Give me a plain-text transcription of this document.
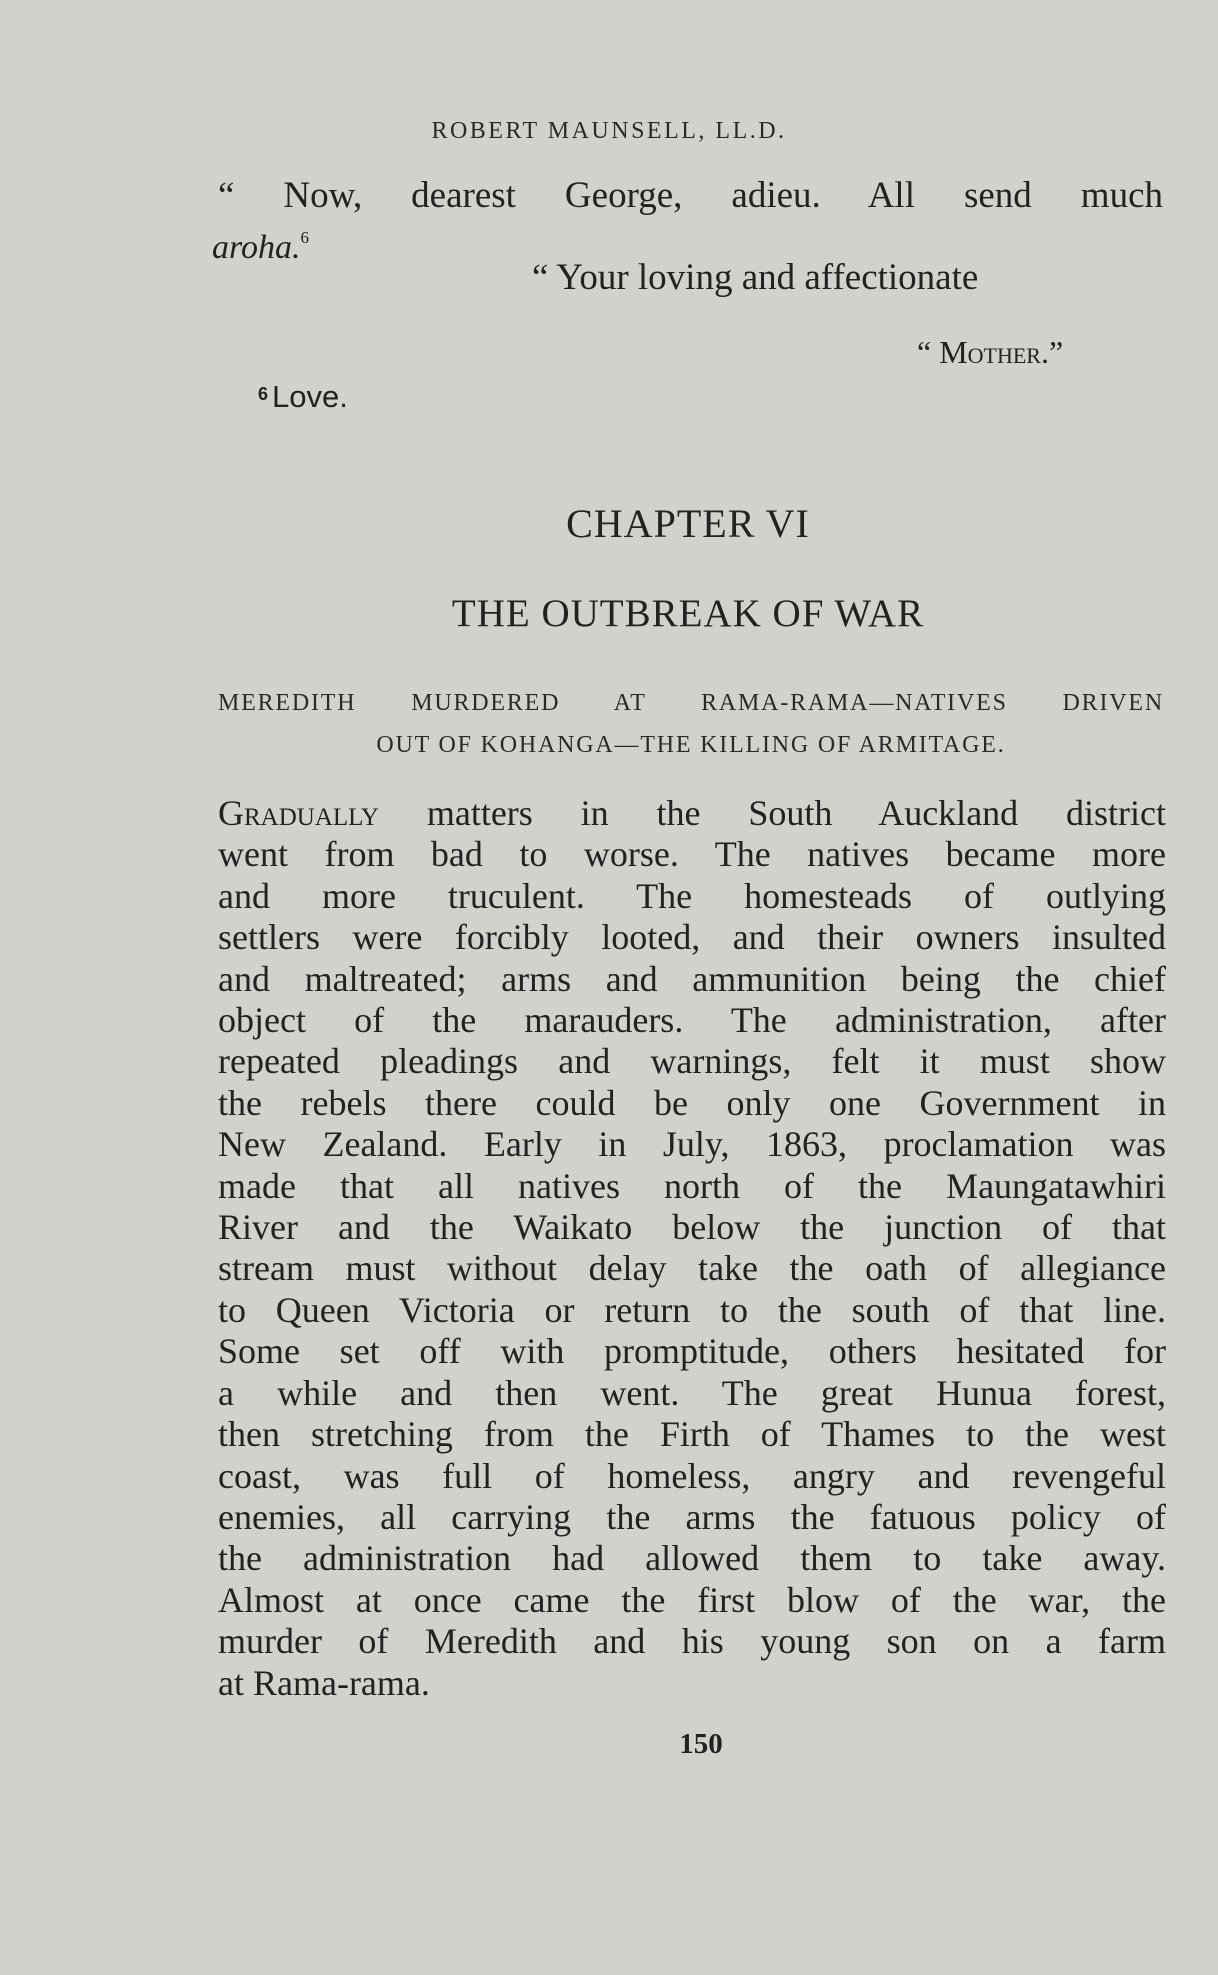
ROBERT MAUNSELL, LL.D.
“ Now, dearest George, adieu. All send much
aroha.$^6$
“ Your loving and affectionate
“ Mother.”
$^6$ Love.
CHAPTER VI
THE OUTBREAK OF WAR
MEREDITH MURDERED AT RAMA-RAMA—NATIVES DRIVEN
OUT OF KOHANGA—THE KILLING OF ARMITAGE.
Gradually matters in the South Auckland district
went from bad to worse. The natives became more
and more truculent. The homesteads of outlying
settlers were forcibly looted, and their owners insulted
and maltreated; arms and ammunition being the chief
object of the marauders. The administration, after
repeated pleadings and warnings, felt it must show
the rebels there could be only one Government in
New Zealand. Early in July, 1863, proclamation was
made that all natives north of the Maungatawhiri
River and the Waikato below the junction of that
stream must without delay take the oath of allegiance
to Queen Victoria or return to the south of that line.
Some set off with promptitude, others hesitated for
a while and then went. The great Hunua forest,
then stretching from the Firth of Thames to the west
coast, was full of homeless, angry and revengeful
enemies, all carrying the arms the fatuous policy of
the administration had allowed them to take away.
Almost at once came the first blow of the war, the
murder of Meredith and his young son on a farm
at Rama-rama.
150
